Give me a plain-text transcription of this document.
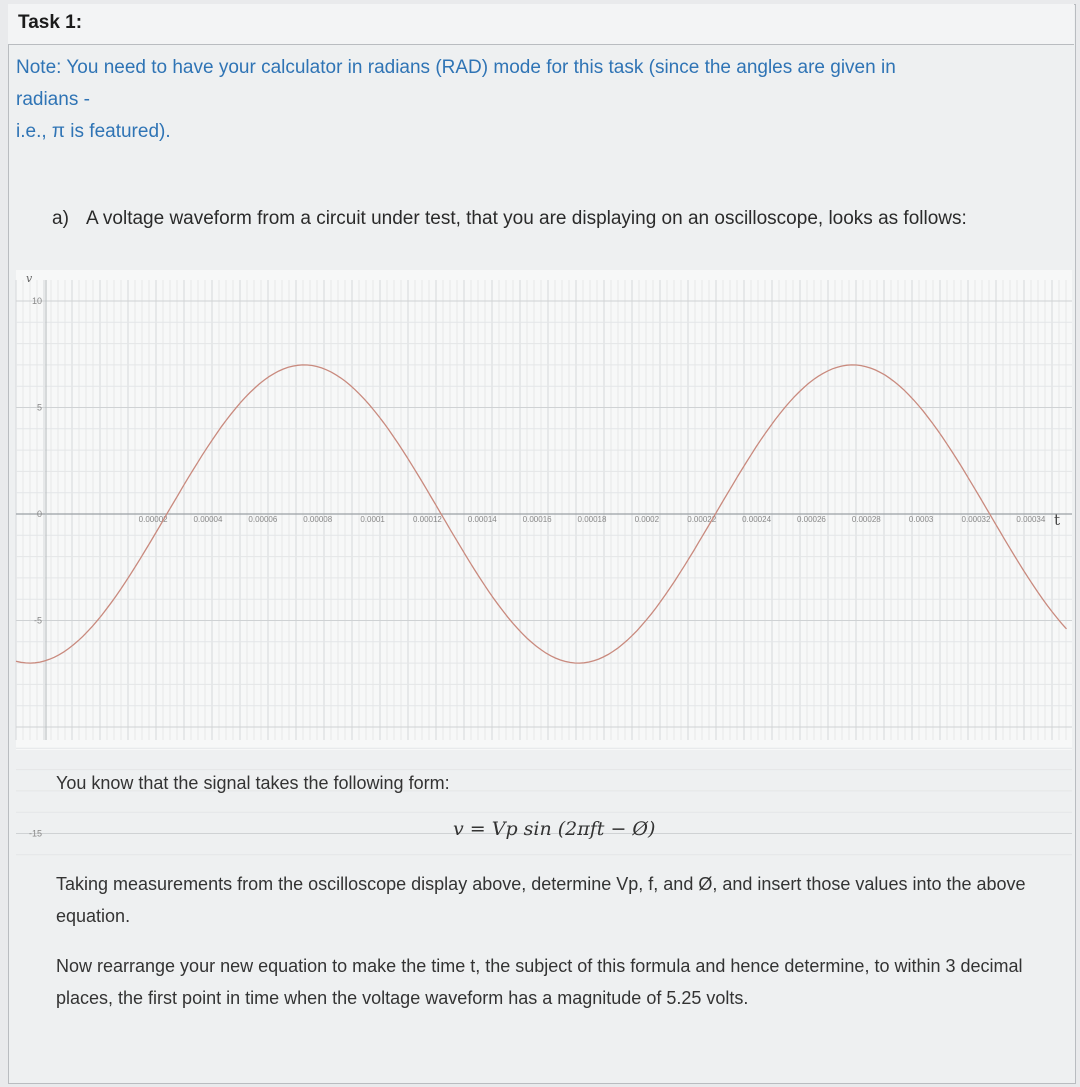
Task 1:
Note: You need to have your calculator in radians (RAD) mode for this task (since the angles are given in
radians -
i.e., π is featured).
a) A voltage waveform from a circuit under test, that you are displaying on an oscilloscope, looks as follows:
10
5
0
-5
-15
0.00002	0.00004	0.00006	0.00008	0.0001	0.00012	0.00014	0.00016	0.00018	0.0002	0.00022	0.00024	0.00026	0.00028	0.0003	0.00032	0.00034
v
t
You know that the signal takes the following form:
v = Vp sin (2πft − Ø)
Taking measurements from the oscilloscope display above, determine Vp, f, and Ø, and insert those values into the above equation.
Now rearrange your new equation to make the time t, the subject of this formula and hence determine, to within 3 decimal places, the first point in time when the voltage waveform has a magnitude of 5.25 volts.
